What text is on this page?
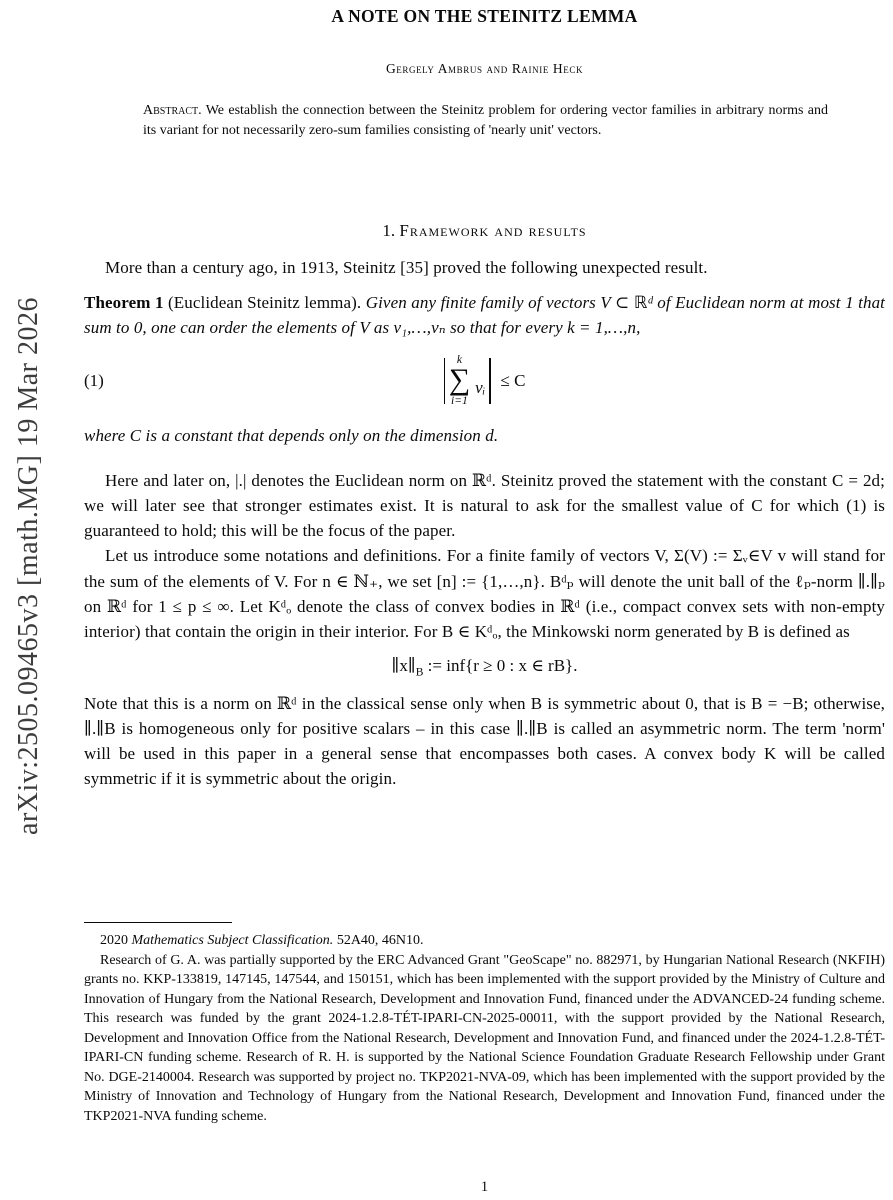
arXiv:2505.09465v3 [math.MG] 19 Mar 2026
A NOTE ON THE STEINITZ LEMMA
Gergely Ambrus and Rainie Heck

Abstract. We establish the connection between the Steinitz problem for ordering vector families in arbitrary norms and its variant for not necessarily zero-sum families consisting of 'nearly unit' vectors.

1. Framework and results

More than a century ago, in 1913, Steinitz [35] proved the following unexpected result.

Theorem 1 (Euclidean Steinitz lemma). Given any finite family of vectors V ⊂ ℝᵈ of Euclidean norm at most 1 that sum to 0, one can order the elements of V as v₁,…,vₙ so that for every k = 1,…,n,

(1)
k
∑
i=1
vᵢ ≤ C

where C is a constant that depends only on the dimension d.

Here and later on, |.| denotes the Euclidean norm on ℝᵈ. Steinitz proved the statement with the constant C = 2d; we will later see that stronger estimates exist. It is natural to ask for the smallest value of C for which (1) is guaranteed to hold; this will be the focus of the paper.

Let us introduce some notations and definitions. For a finite family of vectors V, Σ(V) := Σᵥ∈V v will stand for the sum of the elements of V. For n ∈ ℕ₊, we set [n] := {1,…,n}. Bᵈₚ will denote the unit ball of the ℓₚ-norm ∥.∥ₚ on ℝᵈ for 1 ≤ p ≤ ∞. Let Kᵈₒ denote the class of convex bodies in ℝᵈ (i.e., compact convex sets with non-empty interior) that contain the origin in their interior. For B ∈ Kᵈₒ, the Minkowski norm generated by B is defined as

$\parallel x\parallel_B$ := inf{r ≥ 0 : x ∈ rB}.

Note that this is a norm on ℝᵈ in the classical sense only when B is symmetric about 0, that is B = −B; otherwise, ∥.∥B is homogeneous only for positive scalars – in this case ∥.∥B is called an asymmetric norm. The term 'norm' will be used in this paper in a general sense that encompasses both cases. A convex body K will be called symmetric if it is symmetric about the origin.

2020 Mathematics Subject Classification. 52A40, 46N10.

Research of G. A. was partially supported by the ERC Advanced Grant "GeoScape" no. 882971, by Hungarian National Research (NKFIH) grants no. KKP-133819, 147145, 147544, and 150151, which has been implemented with the support provided by the Ministry of Culture and Innovation of Hungary from the National Research, Development and Innovation Fund, financed under the ADVANCED-24 funding scheme. This research was funded by the grant 2024-1.2.8-TÉT-IPARI-CN-2025-00011, with the support provided by the National Research, Development and Innovation Office from the National Research, Development and Innovation Fund, and financed under the 2024-1.2.8-TÉT-IPARI-CN funding scheme. Research of R. H. is supported by the National Science Foundation Graduate Research Fellowship under Grant No. DGE-2140004. Research was supported by project no. TKP2021-NVA-09, which has been implemented with the support provided by the Ministry of Innovation and Technology of Hungary from the National Research, Development and Innovation Fund, financed under the TKP2021-NVA funding scheme.

1
